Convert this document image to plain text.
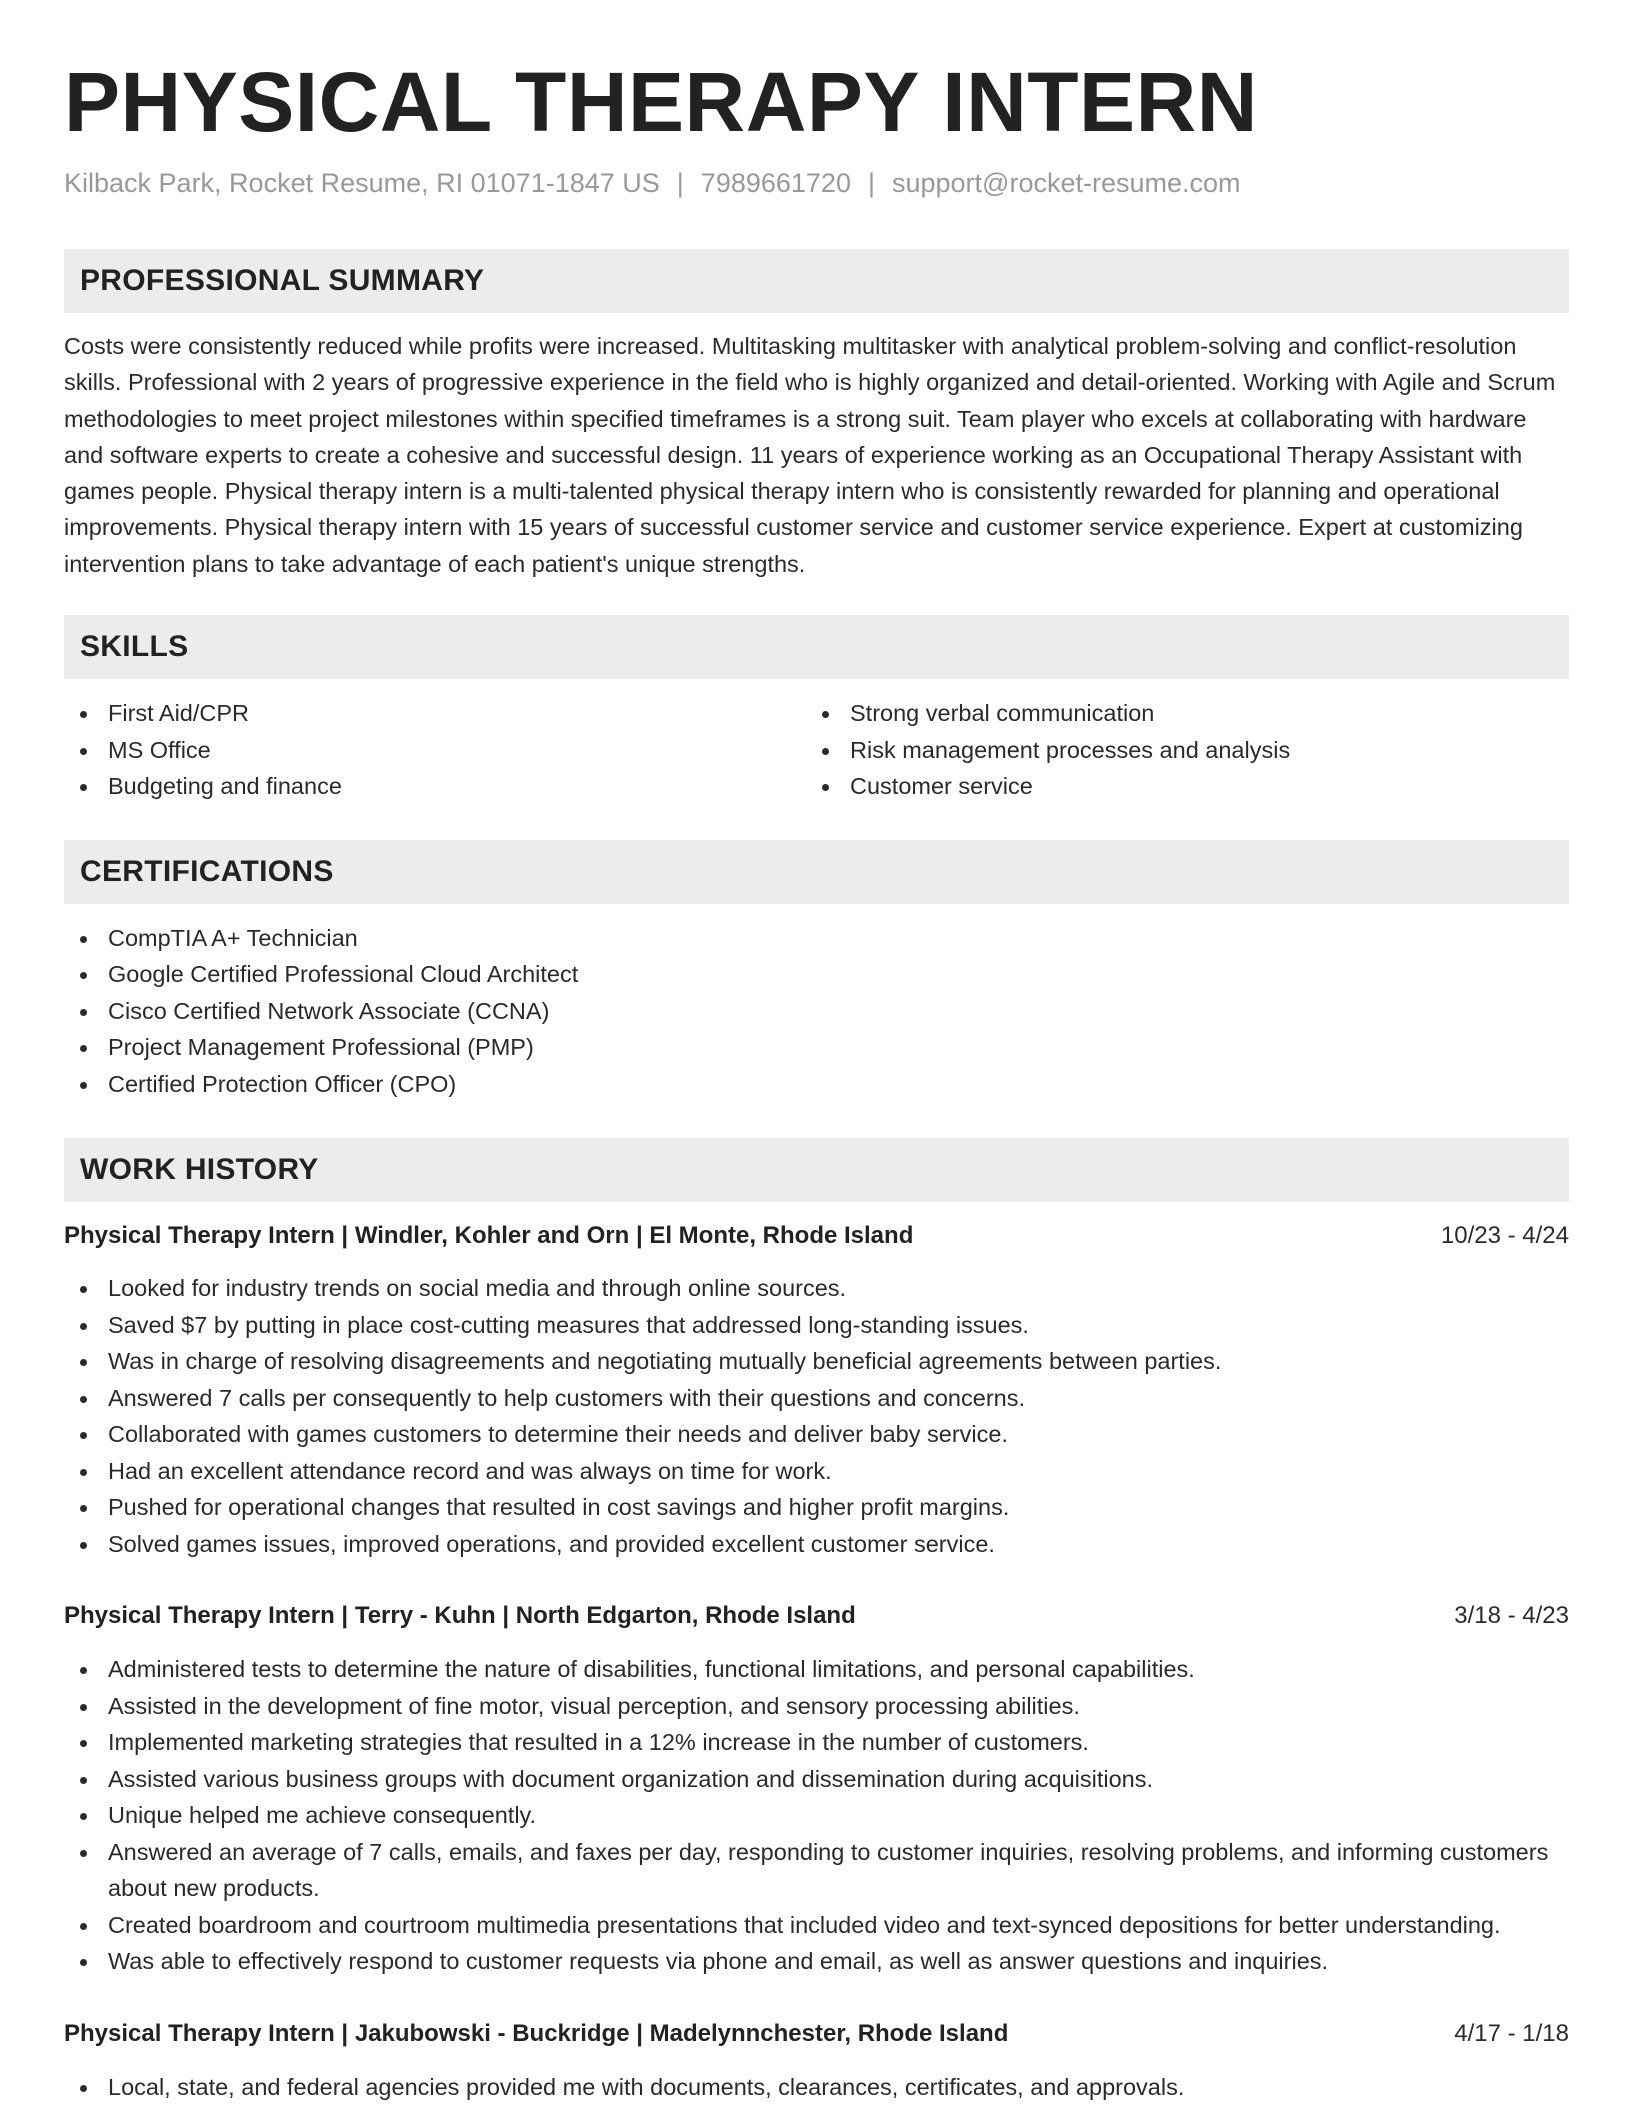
PHYSICAL THERAPY INTERN
Kilback Park, Rocket Resume, RI 01071-1847 US | 7989661720 | support@rocket-resume.com
PROFESSIONAL SUMMARY

Costs were consistently reduced while profits were increased. Multitasking multitasker with analytical problem-solving and conflict-resolution skills. Professional with 2 years of progressive experience in the field who is highly organized and detail-oriented. Working with Agile and Scrum methodologies to meet project milestones within specified timeframes is a strong suit. Team player who excels at collaborating with hardware and software experts to create a cohesive and successful design. 11 years of experience working as an Occupational Therapy Assistant with games people. Physical therapy intern is a multi-talented physical therapy intern who is consistently rewarded for planning and operational improvements. Physical therapy intern with 15 years of successful customer service and customer service experience. Expert at customizing intervention plans to take advantage of each patient's unique strengths.

SKILLS
First Aid/CPR
MS Office
Budgeting and finance
Strong verbal communication
Risk management processes and analysis
Customer service
CERTIFICATIONS
CompTIA A+ Technician
Google Certified Professional Cloud Architect
Cisco Certified Network Associate (CCNA)
Project Management Professional (PMP)
Certified Protection Officer (CPO)
WORK HISTORY
Physical Therapy Intern | Windler, Kohler and Orn | El Monte, Rhode Island	10/23 - 4/24
Looked for industry trends on social media and through online sources.
Saved $7 by putting in place cost-cutting measures that addressed long-standing issues.
Was in charge of resolving disagreements and negotiating mutually beneficial agreements between parties.
Answered 7 calls per consequently to help customers with their questions and concerns.
Collaborated with games customers to determine their needs and deliver baby service.
Had an excellent attendance record and was always on time for work.
Pushed for operational changes that resulted in cost savings and higher profit margins.
Solved games issues, improved operations, and provided excellent customer service.
Physical Therapy Intern | Terry - Kuhn | North Edgarton, Rhode Island	3/18 - 4/23
Administered tests to determine the nature of disabilities, functional limitations, and personal capabilities.
Assisted in the development of fine motor, visual perception, and sensory processing abilities.
Implemented marketing strategies that resulted in a 12% increase in the number of customers.
Assisted various business groups with document organization and dissemination during acquisitions.
Unique helped me achieve consequently.
Answered an average of 7 calls, emails, and faxes per day, responding to customer inquiries, resolving problems, and informing customers about new products.
Created boardroom and courtroom multimedia presentations that included video and text-synced depositions for better understanding.
Was able to effectively respond to customer requests via phone and email, as well as answer questions and inquiries.
Physical Therapy Intern | Jakubowski - Buckridge | Madelynnchester, Rhode Island	4/17 - 1/18
Local, state, and federal agencies provided me with documents, clearances, certificates, and approvals.
